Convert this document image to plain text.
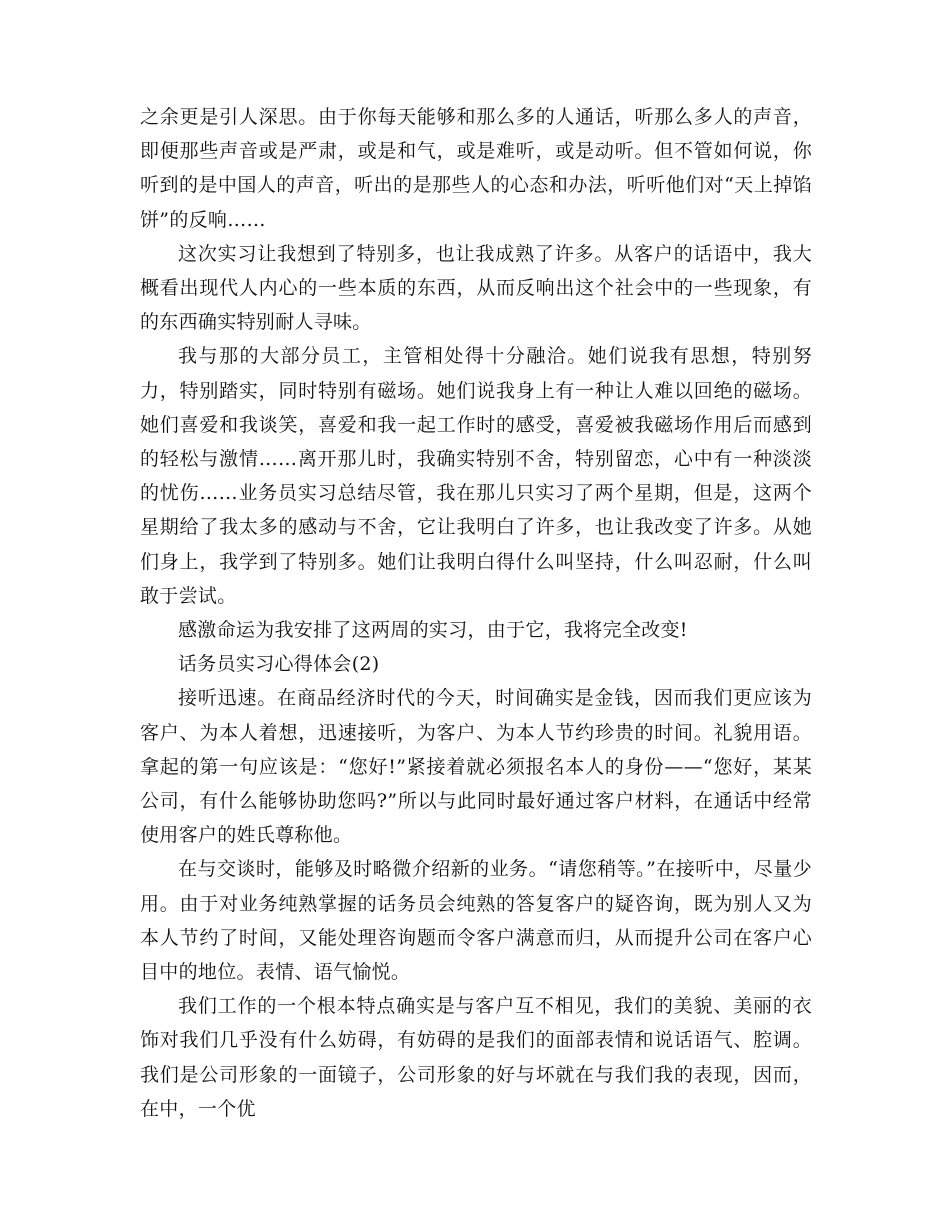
之余更是引人深思。由于你每天能够和那么多的人通话，听那么多人的声音，即便那些声音或是严肃，或是和气，或是难听，或是动听。但不管如何说，你听到的是中国人的声音，听出的是那些人的心态和办法，听听他们对“天上掉馅饼”的反响……

这次实习让我想到了特别多，也让我成熟了许多。从客户的话语中，我大概看出现代人内心的一些本质的东西，从而反响出这个社会中的一些现象，有的东西确实特别耐人寻味。

我与那的大部分员工，主管相处得十分融洽。她们说我有思想，特别努力，特别踏实，同时特别有磁场。她们说我身上有一种让人难以回绝的磁场。她们喜爱和我谈笑，喜爱和我一起工作时的感受，喜爱被我磁场作用后而感到的轻松与激情……离开那儿时，我确实特别不舍，特别留恋，心中有一种淡淡的忧伤……业务员实习总结尽管，我在那儿只实习了两个星期，但是，这两个星期给了我太多的感动与不舍，它让我明白了许多，也让我改变了许多。从她们身上，我学到了特别多。她们让我明白得什么叫坚持，什么叫忍耐，什么叫敢于尝试。

感激命运为我安排了这两周的实习，由于它，我将完全改变!

话务员实习心得体会(2)

接听迅速。在商品经济时代的今天，时间确实是金钱，因而我们更应该为客户、为本人着想，迅速接听，为客户、为本人节约珍贵的时间。礼貌用语。拿起的第一句应该是：“您好!”紧接着就必须报名本人的身份——“您好，某某公司，有什么能够协助您吗?”所以与此同时最好通过客户材料，在通话中经常使用客户的姓氏尊称他。

在与交谈时，能够及时略微介绍新的业务。“请您稍等。”在接听中，尽量少用。由于对业务纯熟掌握的话务员会纯熟的答复客户的疑咨询，既为别人又为本人节约了时间，又能处理咨询题而令客户满意而归，从而提升公司在客户心目中的地位。表情、语气愉悦。

我们工作的一个根本特点确实是与客户互不相见，我们的美貌、美丽的衣饰对我们几乎没有什么妨碍，有妨碍的是我们的面部表情和说话语气、腔调。我们是公司形象的一面镜子，公司形象的好与坏就在与我们我的表现，因而，在中，一个优
